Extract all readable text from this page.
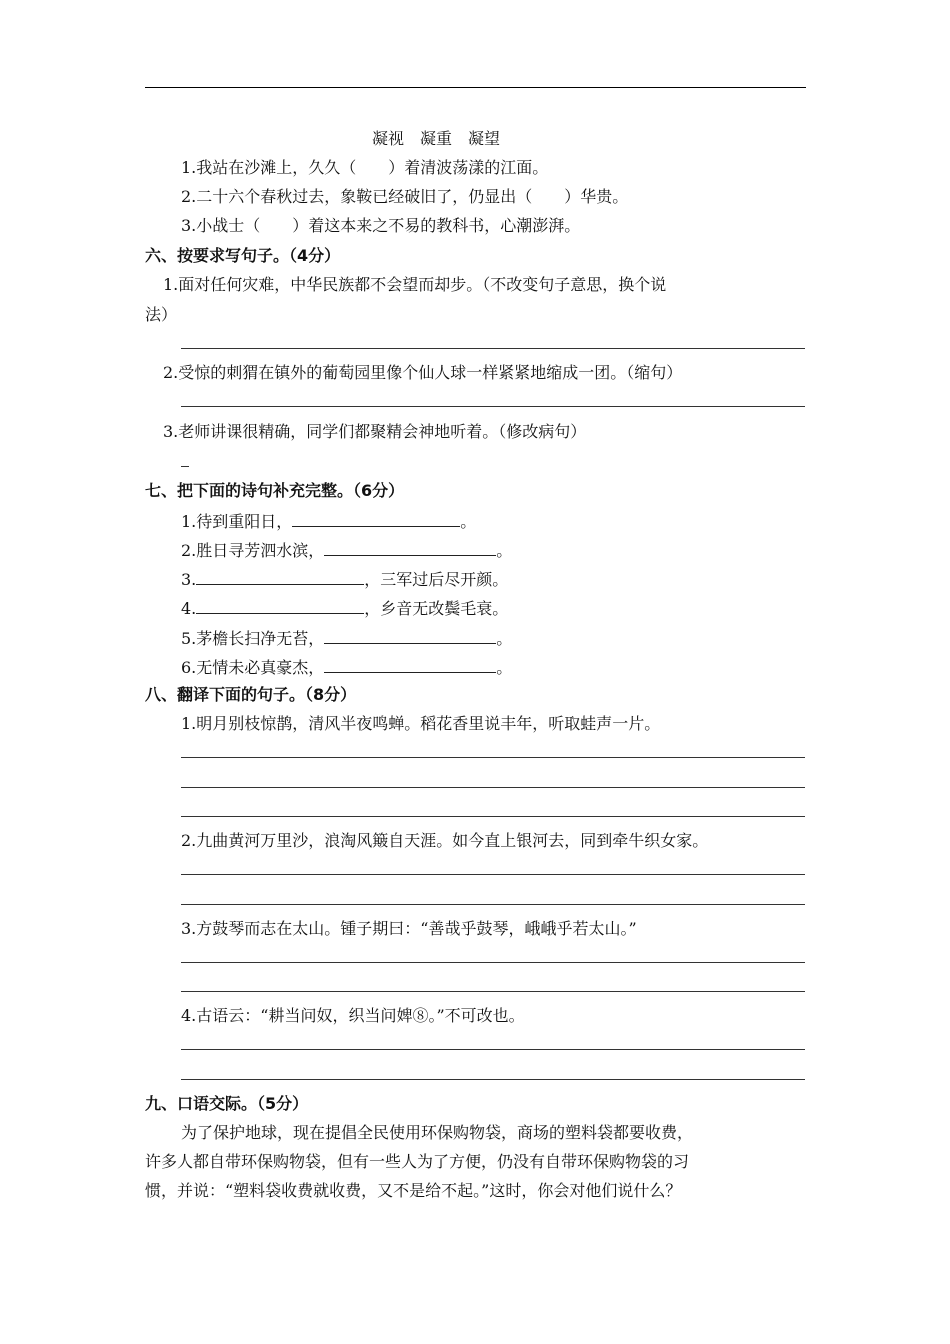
凝视　凝重　凝望
1.我站在沙滩上，久久（　　）着清波荡漾的江面。
2.二十六个春秋过去，象鞍已经破旧了，仍显出（　　）华贵。
3.小战士（　　）着这本来之不易的教科书，心潮澎湃。
六、按要求写句子。（4分）
1.面对任何灾难，中华民族都不会望而却步。（不改变句子意思，换个说
法）
2.受惊的刺猬在镇外的葡萄园里像个仙人球一样紧紧地缩成一团。（缩句）
3.老师讲课很精确，同学们都聚精会神地听着。（修改病句）
七、把下面的诗句补充完整。（6分）
1.待到重阳日，	。
2.胜日寻芳泗水滨，	。
3.	，三军过后尽开颜。
4.	，乡音无改鬓毛衰。
5.茅檐长扫净无苔，	。
6.无情未必真豪杰，	。
八、翻译下面的句子。（8分）
1.明月别枝惊鹊，清风半夜鸣蝉。稻花香里说丰年，听取蛙声一片。
2.九曲黄河万里沙，浪淘风簸自天涯。如今直上银河去，同到牵牛织女家。
3.方鼓琴而志在太山。锺子期曰：“善哉乎鼓琴，峨峨乎若太山。”
4.古语云：“耕当问奴，织当问婢⑧。”不可改也。
九、口语交际。（5分）
为了保护地球，现在提倡全民使用环保购物袋，商场的塑料袋都要收费，
许多人都自带环保购物袋，但有一些人为了方便，仍没有自带环保购物袋的习
惯，并说：“塑料袋收费就收费，又不是给不起。”这时，你会对他们说什么？
